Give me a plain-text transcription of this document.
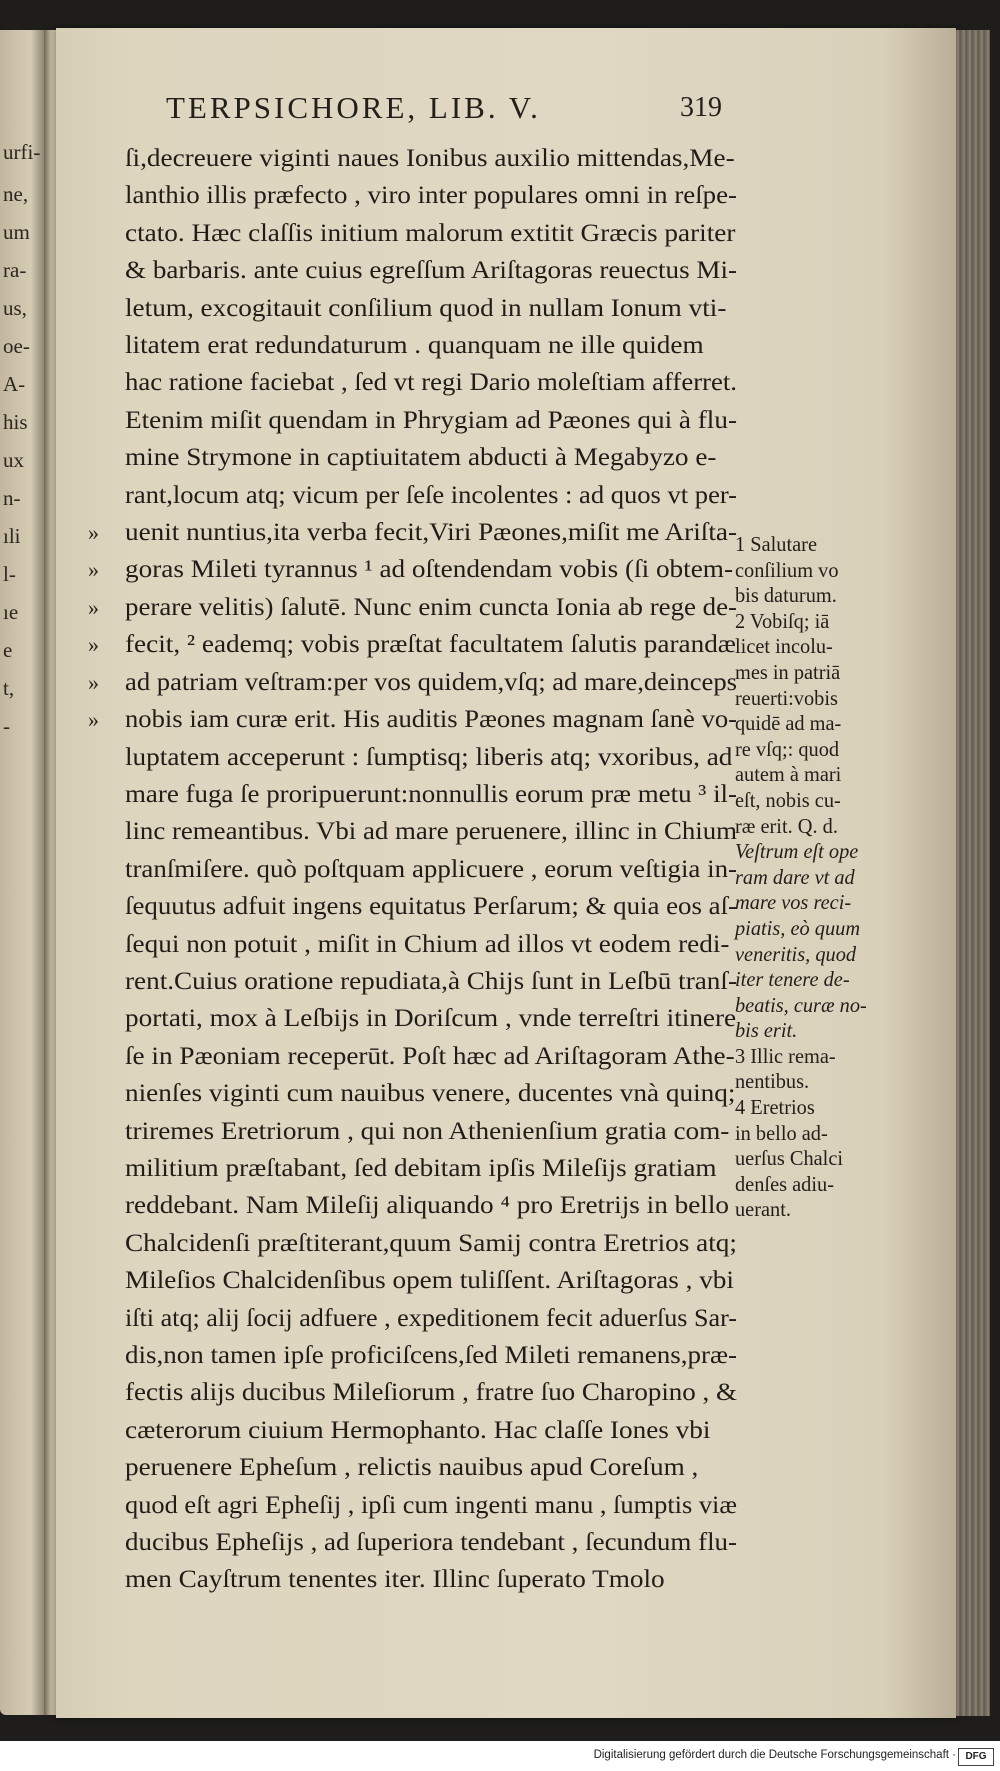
urfi-
ne,
um
ra-
us,
oe-
A-
his
ux
n-
ıli
l-
ıe
e
t,
-
TERPSICHORE, LIB. V.	319
ſi,decreuere viginti naues Ionibus auxilio mittendas,Me-
lanthio illis præfecto , viro inter populares omni in reſpe-
ctato. Hæc claſſis initium malorum extitit Græcis pariter
& barbaris. ante cuius egreſſum Ariſtagoras reuectus Mi-
letum, excogitauit conſilium quod in nullam Ionum vti-
litatem erat redundaturum . quanquam ne ille quidem
hac ratione faciebat , ſed vt regi Dario moleſtiam afferret.
Etenim miſit quendam in Phrygiam ad Pæones qui à flu-
mine Strymone in captiuitatem abducti à Megabyzo e-
rant,locum atq; vicum per ſeſe incolentes : ad quos vt per-
»	uenit nuntius,ita verba fecit,Viri Pæones,miſit me Ariſta-
»	goras Mileti tyrannus ¹ ad oſtendendam vobis (ſi obtem-
»	perare velitis) ſalutē. Nunc enim cuncta Ionia ab rege de-
»	fecit, ² eademq; vobis præſtat facultatem ſalutis parandæ
»	ad patriam veſtram:per vos quidem,vſq; ad mare,deinceps
»	nobis iam curæ erit. His auditis Pæones magnam ſanè vo-
luptatem acceperunt : ſumptisq; liberis atq; vxoribus, ad
mare fuga ſe proripuerunt:nonnullis eorum præ metu ³ il-
linc remeantibus. Vbi ad mare peruenere, illinc in Chium
tranſmiſere. quò poſtquam applicuere , eorum veſtigia in-
ſequutus adfuit ingens equitatus Perſarum; & quia eos aſ-
ſequi non potuit , miſit in Chium ad illos vt eodem redi-
rent.Cuius oratione repudiata,à Chijs ſunt in Leſbū tranſ-
portati, mox à Leſbijs in Doriſcum , vnde terreſtri itinere
ſe in Pæoniam receperūt. Poſt hæc ad Ariſtagoram Athe-
nienſes viginti cum nauibus venere, ducentes vnà quinq;
triremes Eretriorum , qui non Athenienſium gratia com-
militium præſtabant, ſed debitam ipſis Mileſijs gratiam
reddebant. Nam Mileſij aliquando ⁴ pro Eretrijs in bello
Chalcidenſi præſtiterant,quum Samij contra Eretrios atq;
Mileſios Chalcidenſibus opem tuliſſent. Ariſtagoras , vbi
iſti atq; alij ſocij adfuere , expeditionem fecit aduerſus Sar-
dis,non tamen ipſe proficiſcens,ſed Mileti remanens,præ-
fectis alijs ducibus Mileſiorum , fratre ſuo Charopino , &
cæterorum ciuium Hermophanto. Hac claſſe Iones vbi
peruenere Epheſum , relictis nauibus apud Coreſum ,
quod eſt agri Epheſij , ipſi cum ingenti manu , ſumptis viæ
ducibus Epheſijs , ad ſuperiora tendebant , ſecundum flu-
men Cayſtrum tenentes iter. Illinc ſuperato Tmolo
1 Salutare
conſilium vo
bis daturum.
2 Vobiſq; iā
licet incolu-
mes in patriā
reuerti:vobis
quidē ad ma-
re vſq;: quod
autem à mari
eſt, nobis cu-
ræ erit. Q. d.
Veſtrum eſt ope
ram dare vt ad
mare vos reci-
piatis, eò quum
veneritis, quod
iter tenere de-
beatis, curæ no-
bis erit.
3 Illic rema-
nentibus.
4 Eretrios
in bello ad-
uerſus Chalci
denſes adiu-
uerant.
Digitalisierung gefördert durch die Deutsche Forschungsgemeinschaft · DFG
